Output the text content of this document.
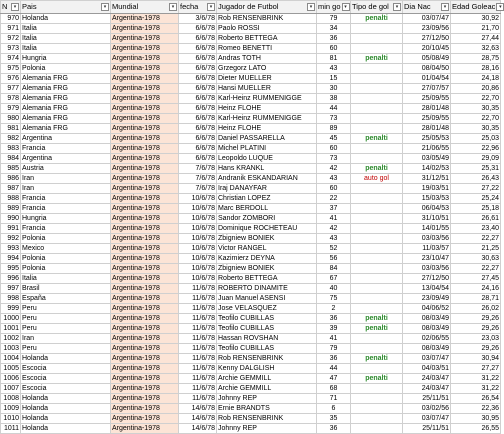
N ▾	Pais ▾	Mundial ▾	fecha ▾	Jugador de Futbol ▾	min go ▾	Tipo de gol ▾	Dia Nac ▾	Edad Goleac ▾

970	Holanda	Argentina-1978	3/6/78	Rob RENSENBRINK	79	penalti	03/07/47	30,92
971	Italia	Argentina-1978	6/6/78	Paolo ROSSI	34		23/09/56	21,70
972	Italia	Argentina-1978	6/6/78	Roberto BETTEGA	36		27/12/50	27,44
973	Italia	Argentina-1978	6/6/78	Romeo BENETTI	60		20/10/45	32,63
974	Hungria	Argentina-1978	6/6/78	Andras TOTH	81	penalti	05/08/49	28,75
975	Polonia	Argentina-1978	6/6/78	Grzegorz LATO	43		08/04/50	28,16
976	Alemania FRG	Argentina-1978	6/6/78	Dieter MUELLER	15		01/04/54	24,18
977	Alemania FRG	Argentina-1978	6/6/78	Hansi MUELLER	30		27/07/57	20,86
978	Alemania FRG	Argentina-1978	6/6/78	Karl-Heinz RUMMENIGGE	38		25/09/55	22,70
979	Alemania FRG	Argentina-1978	6/6/78	Heinz FLOHE	44		28/01/48	30,35
980	Alemania FRG	Argentina-1978	6/6/78	Karl-Heinz RUMMENIGGE	73		25/09/55	22,70
981	Alemania FRG	Argentina-1978	6/6/78	Heinz FLOHE	89		28/01/48	30,35
982	Argentina	Argentina-1978	6/6/78	Daniel PASSARELLA	45	penalti	25/05/53	25,03
983	Francia	Argentina-1978	6/6/78	Michel PLATINI	60		21/06/55	22,96
984	Argentina	Argentina-1978	6/6/78	Leopoldo LUQUE	73		03/05/49	29,09
985	Austria	Argentina-1978	7/6/78	Hans KRANKL	42	penalti	14/02/53	25,31
986	Iran	Argentina-1978	7/6/78	Andranik ESKANDARIAN	43	auto gol	31/12/51	26,43
987	Iran	Argentina-1978	7/6/78	Iraj DANAYFAR	60		19/03/51	27,22
988	Francia	Argentina-1978	10/6/78	Christian LOPEZ	22		15/03/53	25,24
989	Francia	Argentina-1978	10/6/78	Marc BERDOLL	37		06/04/53	25,18
990	Hungria	Argentina-1978	10/6/78	Sandor ZOMBORI	41		31/10/51	26,61
991	Francia	Argentina-1978	10/6/78	Dominique ROCHETEAU	42		14/01/55	23,40
992	Polonia	Argentina-1978	10/6/78	Zbigniew BONIEK	43		03/03/56	22,27
993	Mexico	Argentina-1978	10/6/78	Victor RANGEL	52		11/03/57	21,25
994	Polonia	Argentina-1978	10/6/78	Kazimierz DEYNA	56		23/10/47	30,63
995	Polonia	Argentina-1978	10/6/78	Zbigniew BONIEK	84		03/03/56	22,27
996	Italia	Argentina-1978	10/6/78	Roberto BETTEGA	67		27/12/50	27,45
997	Brasil	Argentina-1978	11/6/78	ROBERTO DINAMITE	40		13/04/54	24,16
998	España	Argentina-1978	11/6/78	Juan Manuel ASENSI	75		23/09/49	28,71
999	Peru	Argentina-1978	11/6/78	Jose VELASQUEZ	2		04/06/52	26,02
1000	Peru	Argentina-1978	11/6/78	Teofilo CUBILLAS	36	penalti	08/03/49	29,26
1001	Peru	Argentina-1978	11/6/78	Teofilo CUBILLAS	39	penalti	08/03/49	29,26
1002	Iran	Argentina-1978	11/6/78	Hassan ROVSHAN	41		02/06/55	23,03
1003	Peru	Argentina-1978	11/6/78	Teofilo CUBILLAS	79		08/03/49	29,26
1004	Holanda	Argentina-1978	11/6/78	Rob RENSENBRINK	36	penalti	03/07/47	30,94
1005	Escocia	Argentina-1978	11/6/78	Kenny DALGLISH	44		04/03/51	27,27
1006	Escocia	Argentina-1978	11/6/78	Archie GEMMILL	47	penalti	24/03/47	31,22
1007	Escocia	Argentina-1978	11/6/78	Archie GEMMILL	68		24/03/47	31,22
1008	Holanda	Argentina-1978	11/6/78	Johnny REP	71		25/11/51	26,54
1009	Holanda	Argentina-1978	14/6/78	Ernie BRANDTS	6		03/02/56	22,36
1010	Holanda	Argentina-1978	14/6/78	Rob RENSENBRINK	35		03/07/47	30,95
1011	Holanda	Argentina-1978	14/6/78	Johnny REP	36		25/11/51	26,55
